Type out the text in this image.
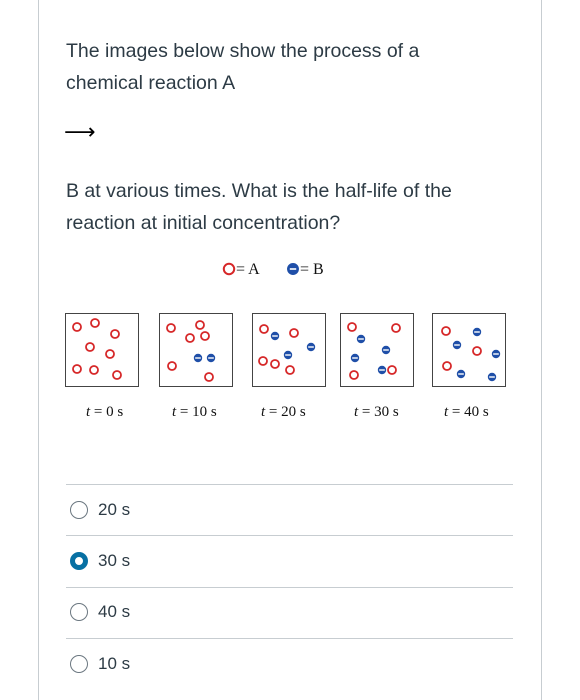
The images below show the process of a
chemical reaction A
⟶
B at various times. What is the half-life of the
reaction at initial concentration?
= A	= B
t = 0 s	t = 10 s	t = 20 s	t = 30 s	t = 40 s
20 s
30 s
40 s
10 s
